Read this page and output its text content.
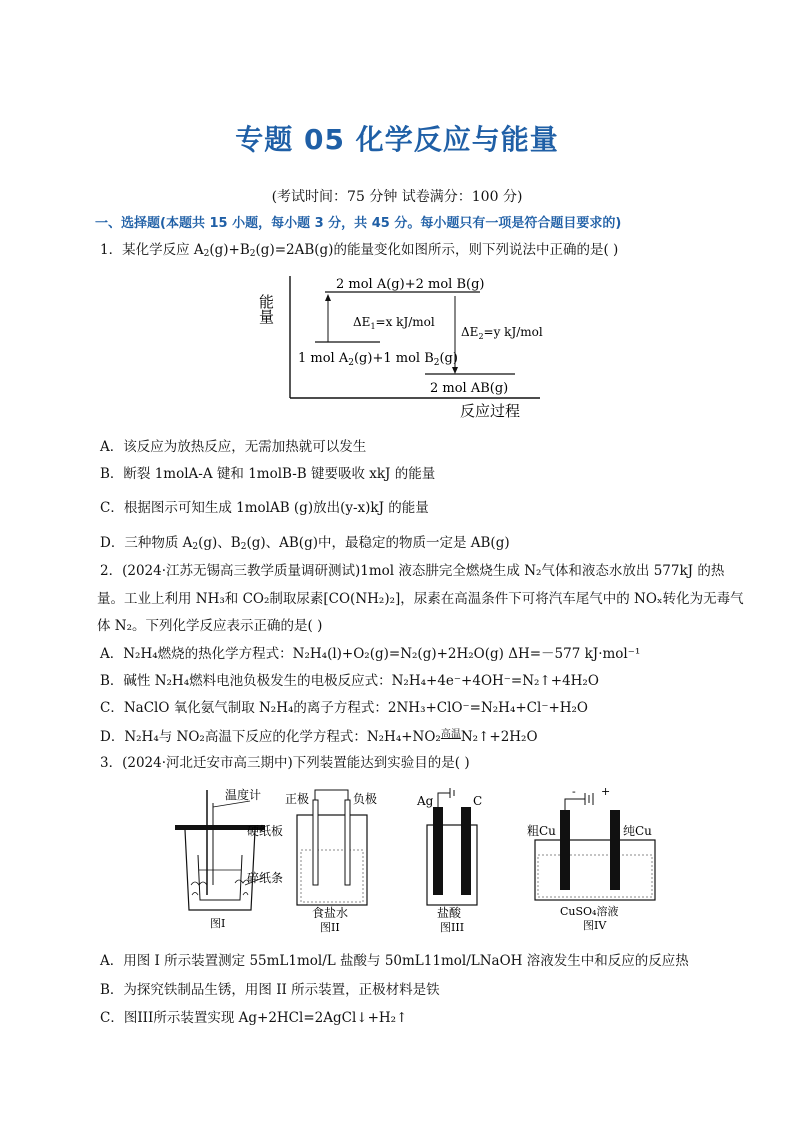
专题 05 化学反应与能量
(考试时间：75 分钟 试卷满分：100 分)
一、选择题(本题共 15 小题，每小题 3 分，共 45 分。每小题只有一项是符合题目要求的)
1．某化学反应 $A_2(g)+B_2(g)=2AB(g)$的能量变化如图所示，则下列说法中正确的是( )
能量
反应过程
2 mol A(g)+2 mol B(g)
1 mol $A_2(g)+1$ mol $B_2(g)$
2 mol AB(g)
$\Delta E_1=x$ kJ/mol
$\Delta E_2=y$ kJ/mol
A．该反应为放热反应，无需加热就可以发生
B．断裂 1molA-A 键和 1molB-B 键要吸收 xkJ 的能量
C．根据图示可知生成 1molAB (g)放出(y-x)kJ 的能量
D．三种物质 $A_2(g)$、$B_2(g)$、AB(g)中，最稳定的物质一定是 AB(g)
2．(2024·江苏无锡高三教学质量调研测试)1mol 液态肼完全燃烧生成 N₂气体和液态水放出 577kJ 的热
量。工业上利用 NH₃和 CO₂制取尿素[CO(NH₂)₂]，尿素在高温条件下可将汽车尾气中的 NOₓ转化为无毒气
体 N₂。下列化学反应表示正确的是( )
A．N₂H₄燃烧的热化学方程式：N₂H₄(l)+O₂(g)=N₂(g)+2H₂O(g) ΔH=－577 kJ·mol⁻¹
B．碱性 N₂H₄燃料电池负极发生的电极反应式：N₂H₄+4e⁻+4OH⁻=N₂↑+4H₂O
C．NaClO 氧化氨气制取 N₂H₄的离子方程式：2NH₃+ClO⁻=N₂H₄+Cl⁻+H₂O
D．N₂H₄与 NO₂高温下反应的化学方程式：N₂H₄+NO₂$^{高温}$N₂↑+2H₂O
3．(2024·河北迁安市高三期中)下列装置能达到实验目的是( )
温度计
硬纸板
碎纸条
图I
正极	负极
食盐水
图II
Ag	C
盐酸
图III
- +
粗Cu	纯Cu
CuSO₄溶液
图IV
A．用图 I 所示装置测定 55mL1mol/L 盐酸与 50mL11mol/LNaOH 溶液发生中和反应的反应热
B．为探究铁制品生锈，用图 II 所示装置，正极材料是铁
C．图III所示装置实现 Ag+2HCl=2AgCl↓+H₂↑
